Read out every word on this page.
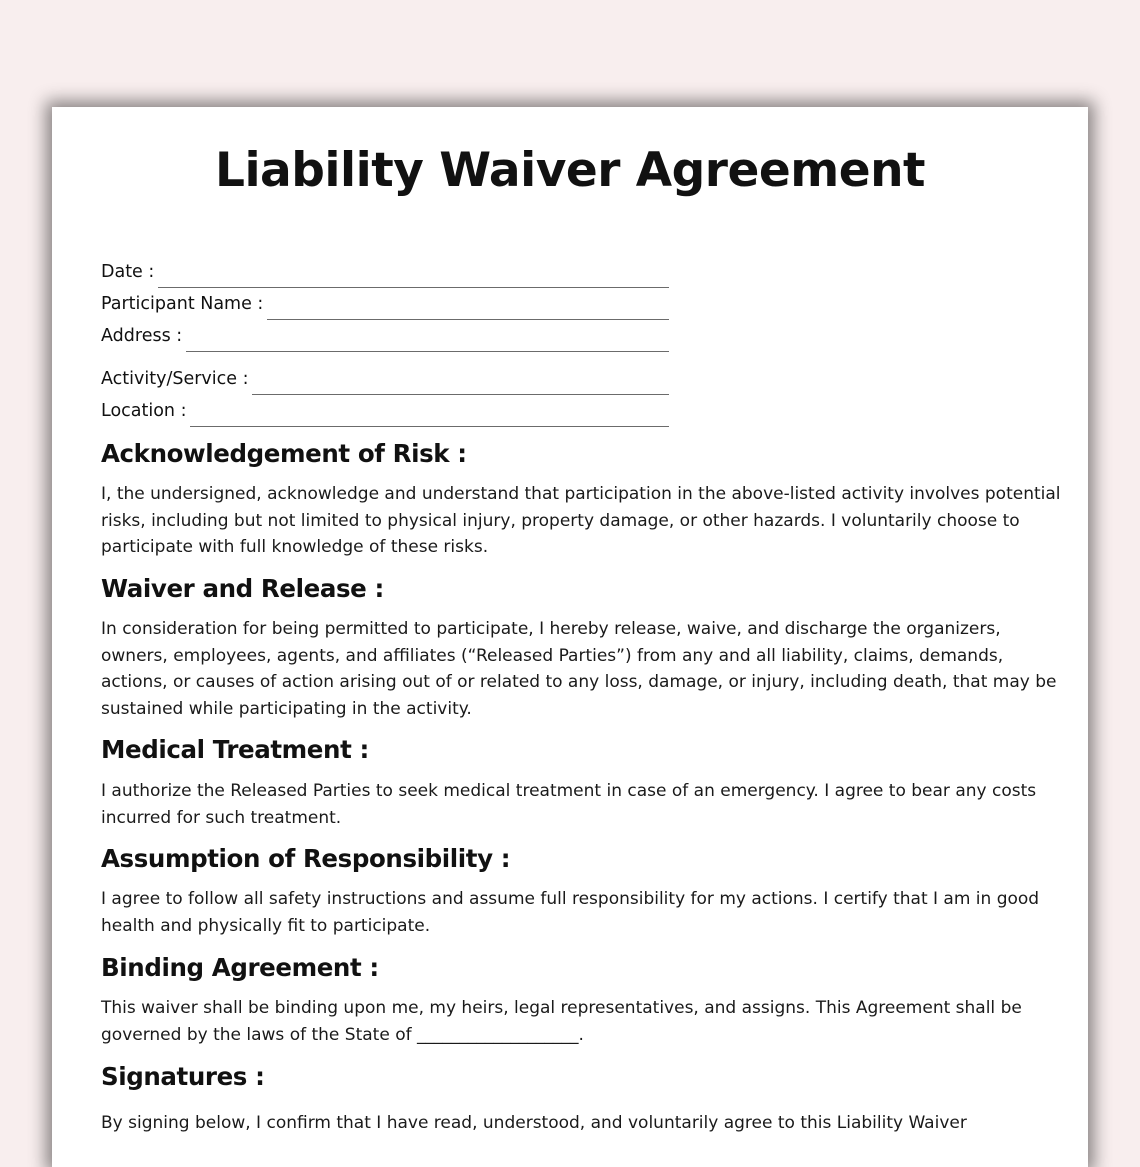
Liability Waiver Agreement
Date :
Participant Name :
Address :
Activity/Service :
Location :
Acknowledgement of Risk :
I, the undersigned, acknowledge and understand that participation in the above-listed activity involves potential
risks, including but not limited to physical injury, property damage, or other hazards. I voluntarily choose to
participate with full knowledge of these risks.
Waiver and Release :
In consideration for being permitted to participate, I hereby release, waive, and discharge the organizers,
owners, employees, agents, and affiliates (“Released Parties”) from any and all liability, claims, demands,
actions, or causes of action arising out of or related to any loss, damage, or injury, including death, that may be
sustained while participating in the activity.
Medical Treatment :
I authorize the Released Parties to seek medical treatment in case of an emergency. I agree to bear any costs
incurred for such treatment.
Assumption of Responsibility :
I agree to follow all safety instructions and assume full responsibility for my actions. I certify that I am in good
health and physically fit to participate.
Binding Agreement :
This waiver shall be binding upon me, my heirs, legal representatives, and assigns. This Agreement shall be
governed by the laws of the State of ___________________.
Signatures :
By signing below, I confirm that I have read, understood, and voluntarily agree to this Liability Waiver
